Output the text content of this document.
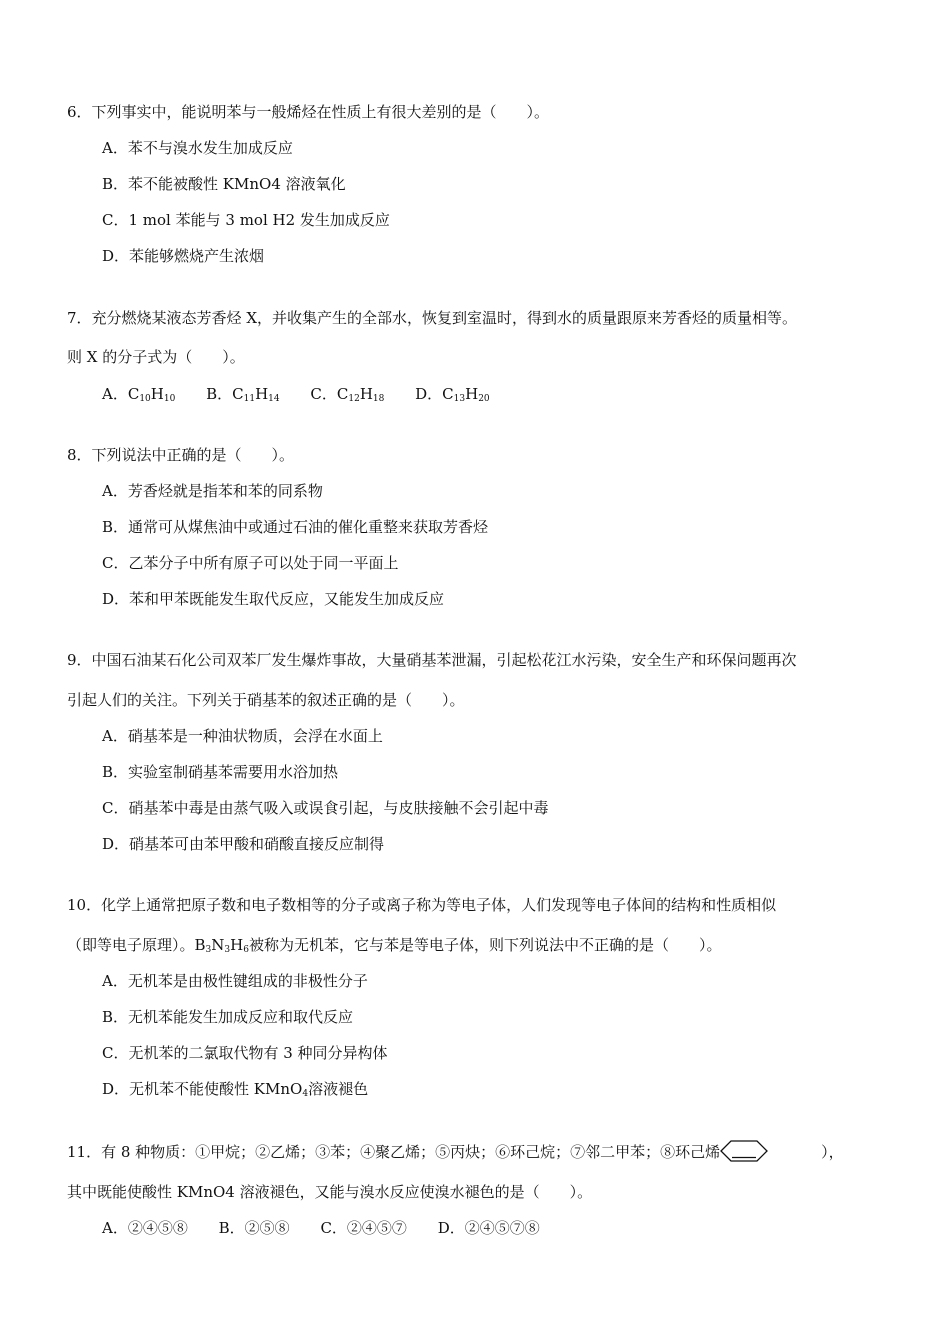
6．下列事实中，能说明苯与一般烯烃在性质上有很大差别的是（　　）。
A．苯不与溴水发生加成反应
B．苯不能被酸性 KMnO4 溶液氧化
C．1 mol 苯能与 3 mol H2 发生加成反应
D．苯能够燃烧产生浓烟
7．充分燃烧某液态芳香烃 X，并收集产生的全部水，恢复到室温时，得到水的质量跟原来芳香烃的质量相等。
则 X 的分子式为（　　）。
A．$C_{10}H_{10}$ B．$C_{11}H_{14}$ C．$C_{12}H_{18}$ D．$C_{13}H_{20}$
8．下列说法中正确的是（　　）。
A．芳香烃就是指苯和苯的同系物
B．通常可从煤焦油中或通过石油的催化重整来获取芳香烃
C．乙苯分子中所有原子可以处于同一平面上
D．苯和甲苯既能发生取代反应，又能发生加成反应
9．中国石油某石化公司双苯厂发生爆炸事故，大量硝基苯泄漏，引起松花江水污染，安全生产和环保问题再次
引起人们的关注。下列关于硝基苯的叙述正确的是（　　）。
A．硝基苯是一种油状物质，会浮在水面上
B．实验室制硝基苯需要用水浴加热
C．硝基苯中毒是由蒸气吸入或误食引起，与皮肤接触不会引起中毒
D．硝基苯可由苯甲酸和硝酸直接反应制得
10．化学上通常把原子数和电子数相等的分子或离子称为等电子体，人们发现等电子体间的结构和性质相似
（即等电子原理）。$B_3N_3H_6$被称为无机苯，它与苯是等电子体，则下列说法中不正确的是（　　）。
A．无机苯是由极性键组成的非极性分子
B．无机苯能发生加成反应和取代反应
C．无机苯的二氯取代物有 3 种同分异构体
D．无机苯不能使酸性 KMnO$_4$溶液褪色
11．有 8 种物质：①甲烷；②乙烯；③苯；④聚乙烯；⑤丙炔；⑥环己烷；⑦邻二甲苯；⑧环己烯	），
其中既能使酸性 KMnO4 溶液褪色，又能与溴水反应使溴水褪色的是（　　）。
A．②④⑤⑧ B．②⑤⑧ C．②④⑤⑦ D．②④⑤⑦⑧
